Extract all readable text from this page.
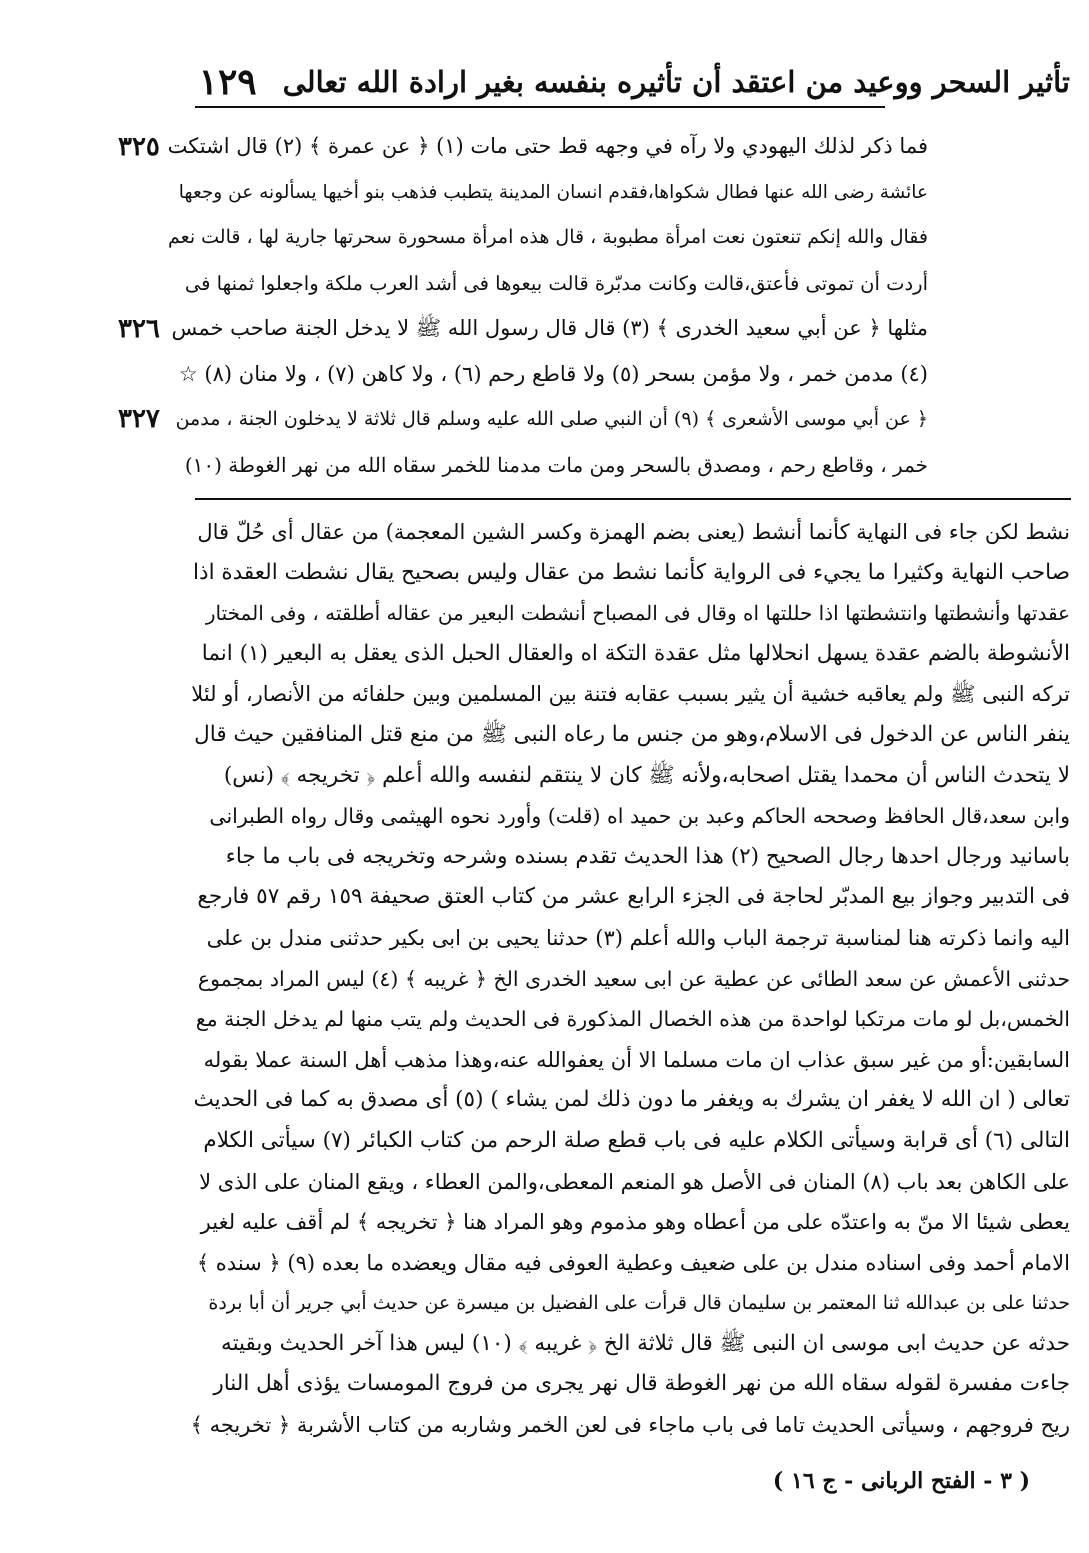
تأثير السحر ووعيد من اعتقد أن تأثيره بنفسه بغير ارادة الله تعالى
١٢٩
٣٢٥
٣٢٦
٣٢٧
فما ذكر لذلك اليهودي ولا رآه في وجهه قط حتى مات (١) ﴿ عن عمرة ﴾ (٢) قال اشتكت
عائشة رضى الله عنها فطال شكواها،فقدم انسان المدينة يتطبب فذهب بنو أخيها يسألونه عن وجعها
فقال والله إنكم تنعتون نعت امرأة مطبوبة ، قال هذه امرأة مسحورة سحرتها جارية لها ، قالت نعم
أردت أن تموتى فأعتق،قالت وكانت مدبّرة قالت بيعوها فى أشد العرب ملكة واجعلوا ثمنها فى
مثلها ﴿ عن أبي سعيد الخدرى ﴾ (٣) قال قال رسول الله ﷺ لا يدخل الجنة صاحب خمس
(٤) مدمن خمر ، ولا مؤمن بسحر (٥) ولا قاطع رحم (٦) ، ولا كاهن (٧) ، ولا منان (٨) ☆
﴿ عن أبي موسى الأشعرى ﴾ (٩) أن النبي صلى الله عليه وسلم قال ثلاثة لا يدخلون الجنة ، مدمن
خمر ، وقاطع رحم ، ومصدق بالسحر ومن مات مدمنا للخمر سقاه الله من نهر الغوطة (١٠)
نشط لكن جاء فى النهاية كأنما أنشط (يعنى بضم الهمزة وكسر الشين المعجمة) من عقال أى حُلّ قال
صاحب النهاية وكثيرا ما يجيء فى الرواية كأنما نشط من عقال وليس بصحيح يقال نشطت العقدة اذا
عقدتها وأنشطتها وانتشطتها اذا حللتها اه وقال فى المصباح أنشطت البعير من عقاله أطلقته ، وفى المختار
الأنشوطة بالضم عقدة يسهل انحلالها مثل عقدة التكة اه والعقال الحبل الذى يعقل به البعير (١) انما
تركه النبى ﷺ ولم يعاقبه خشية أن يثير بسبب عقابه فتنة بين المسلمين وبين حلفائه من الأنصار، أو لئلا
ينفر الناس عن الدخول فى الاسلام،وهو من جنس ما رعاه النبى ﷺ من منع قتل المنافقين حيث قال
لا يتحدث الناس أن محمدا يقتل اصحابه،ولأنه ﷺ كان لا ينتقم لنفسه والله أعلم ﴿ تخريجه ﴾ (نس)
وابن سعد،قال الحافظ وصححه الحاكم وعبد بن حميد اه (قلت) وأورد نحوه الهيثمى وقال رواه الطبرانى
باسانيد ورجال احدها رجال الصحيح (٢) هذا الحديث تقدم بسنده وشرحه وتخريجه فى باب ما جاء
فى التدبير وجواز بيع المدبّر لحاجة فى الجزء الرابع عشر من كتاب العتق صحيفة ١٥٩ رقم ٥٧ فارجع
اليه وانما ذكرته هنا لمناسبة ترجمة الباب والله أعلم (٣) حدثنا يحيى بن ابى بكير حدثنى مندل بن على
حدثنى الأعمش عن سعد الطائى عن عطية عن ابى سعيد الخدرى الخ ﴿ غريبه ﴾ (٤) ليس المراد بمجموع
الخمس،بل لو مات مرتكبا لواحدة من هذه الخصال المذكورة فى الحديث ولم يتب منها لم يدخل الجنة مع
السابقين:أو من غير سبق عذاب ان مات مسلما الا أن يعفوالله عنه،وهذا مذهب أهل السنة عملا بقوله
تعالى ( ان الله لا يغفر ان يشرك به ويغفر ما دون ذلك لمن يشاء ) (٥) أى مصدق به كما فى الحديث
التالى (٦) أى قرابة وسيأتى الكلام عليه فى باب قطع صلة الرحم من كتاب الكبائر (٧) سيأتى الكلام
على الكاهن بعد باب (٨) المنان فى الأصل هو المنعم المعطى،والمن العطاء ، ويقع المنان على الذى لا
يعطى شيئا الا منّ به واعتدّه على من أعطاه وهو مذموم وهو المراد هنا ﴿ تخريجه ﴾ لم أقف عليه لغير
الامام أحمد وفى اسناده مندل بن على ضعيف وعطية العوفى فيه مقال ويعضده ما بعده (٩) ﴿ سنده ﴾
حدثنا على بن عبدالله ثنا المعتمر بن سليمان قال قرأت على الفضيل بن ميسرة عن حديث أبي جرير أن أبا بردة
حدثه عن حديث ابى موسى ان النبى ﷺ قال ثلاثة الخ ﴿ غريبه ﴾ (١٠) ليس هذا آخر الحديث وبقيته
جاءت مفسرة لقوله سقاه الله من نهر الغوطة قال نهر يجرى من فروج المومسات يؤذى أهل النار
ريح فروجهم ، وسيأتى الحديث تاما فى باب ماجاء فى لعن الخمر وشاربه من كتاب الأشربة ﴿ تخريجه ﴾
( ٣ - الفتح الربانى - ج ١٦ )
